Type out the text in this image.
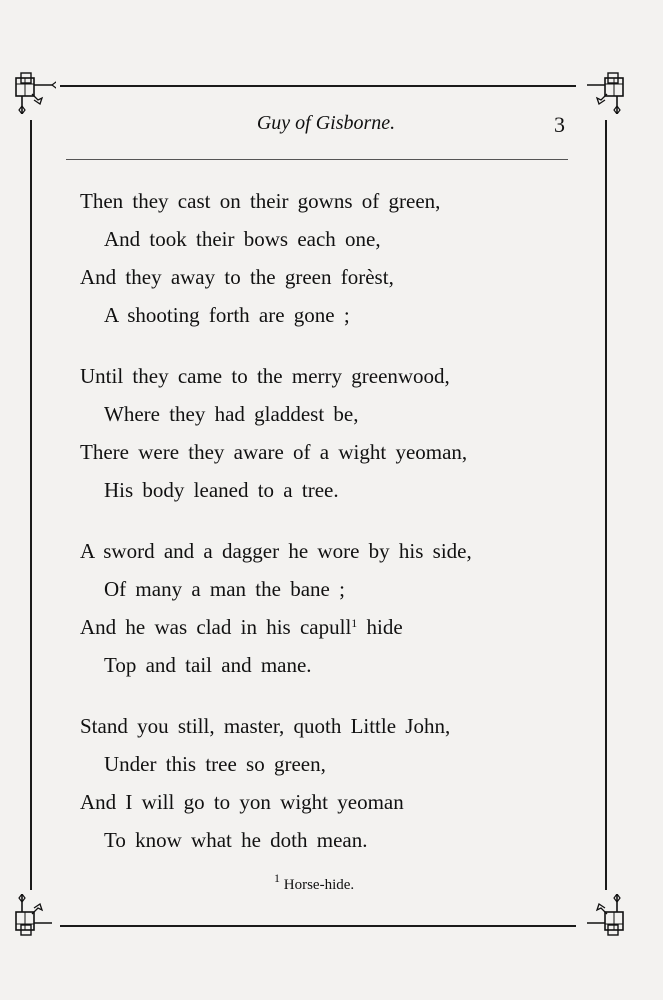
Guy of Gisborne.	3
Then they cast on their gowns of green,
And took their bows each one,
And they away to the green forèst,
A shooting forth are gone ;
Until they came to the merry greenwood,
Where they had gladdest be,
There were they aware of a wight yeoman,
His body leaned to a tree.
A sword and a dagger he wore by his side,
Of many a man the bane ;
And he was clad in his capull$^1$ hide
Top and tail and mane.
Stand you still, master, quoth Little John,
Under this tree so green,
And I will go to yon wight yeoman
To know what he doth mean.
$^1$ Horse-hide.
